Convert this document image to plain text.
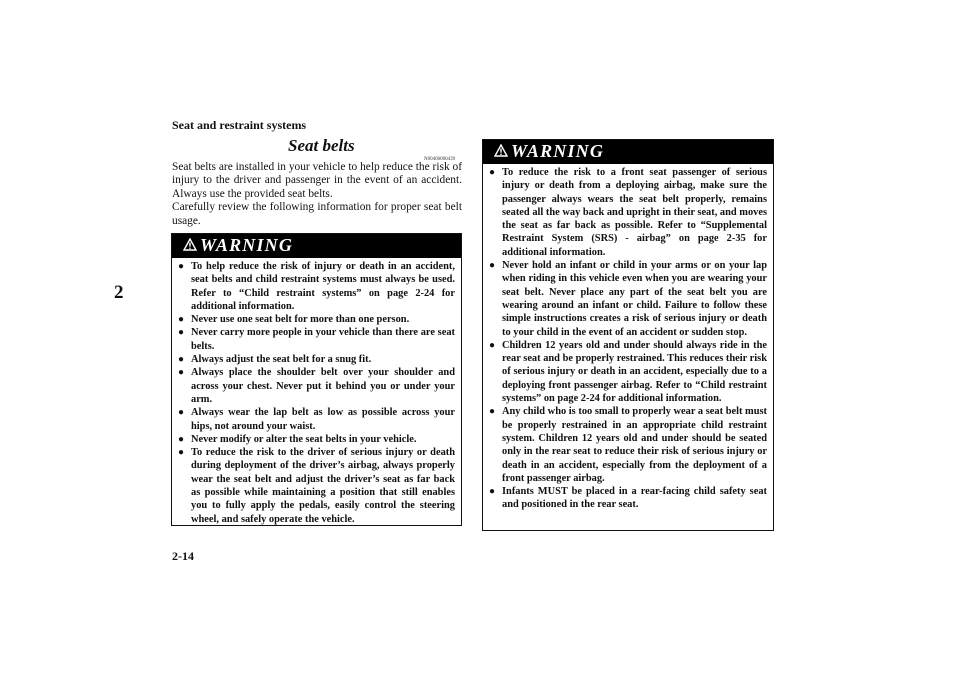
Seat and restraint systems
2
2-14
Seat belts
N00406000439

Seat belts are installed in your vehicle to help reduce the risk of injury to the driver and passenger in the event of an accident. Always use the provided seat belts.

Carefully review the following information for proper seat belt usage.

WARNING
● To help reduce the risk of injury or death in an accident, seat belts and child restraint systems must always be used. Refer to “Child restraint systems” on page 2-24 for additional information.
● Never use one seat belt for more than one person.
● Never carry more people in your vehicle than there are seat belts.
● Always adjust the seat belt for a snug fit.
● Always place the shoulder belt over your shoulder and across your chest. Never put it behind you or under your arm.
● Always wear the lap belt as low as possible across your hips, not around your waist.
● Never modify or alter the seat belts in your vehicle.
● To reduce the risk to the driver of serious injury or death during deployment of the driver’s airbag, always properly wear the seat belt and adjust the driver’s seat as far back as possible while maintaining a position that still enables you to fully apply the pedals, easily control the steering wheel, and safely operate the vehicle.
WARNING
● To reduce the risk to a front seat passenger of serious injury or death from a deploying airbag, make sure the passenger always wears the seat belt properly, remains seated all the way back and upright in their seat, and moves the seat as far back as possible. Refer to “Supplemental Restraint System (SRS) - airbag” on page 2-35 for additional information.
● Never hold an infant or child in your arms or on your lap when riding in this vehicle even when you are wearing your seat belt. Never place any part of the seat belt you are wearing around an infant or child. Failure to follow these simple instructions creates a risk of serious injury or death to your child in the event of an accident or sudden stop.
● Children 12 years old and under should always ride in the rear seat and be properly restrained. This reduces their risk of serious injury or death in an accident, especially due to a deploying front passenger airbag. Refer to “Child restraint systems” on page 2-24 for additional information.
● Any child who is too small to properly wear a seat belt must be properly restrained in an appropriate child restraint system. Children 12 years old and under should be seated only in the rear seat to reduce their risk of serious injury or death in an accident, especially from the deployment of a front passenger airbag.
● Infants MUST be placed in a rear-facing child safety seat and positioned in the rear seat.
